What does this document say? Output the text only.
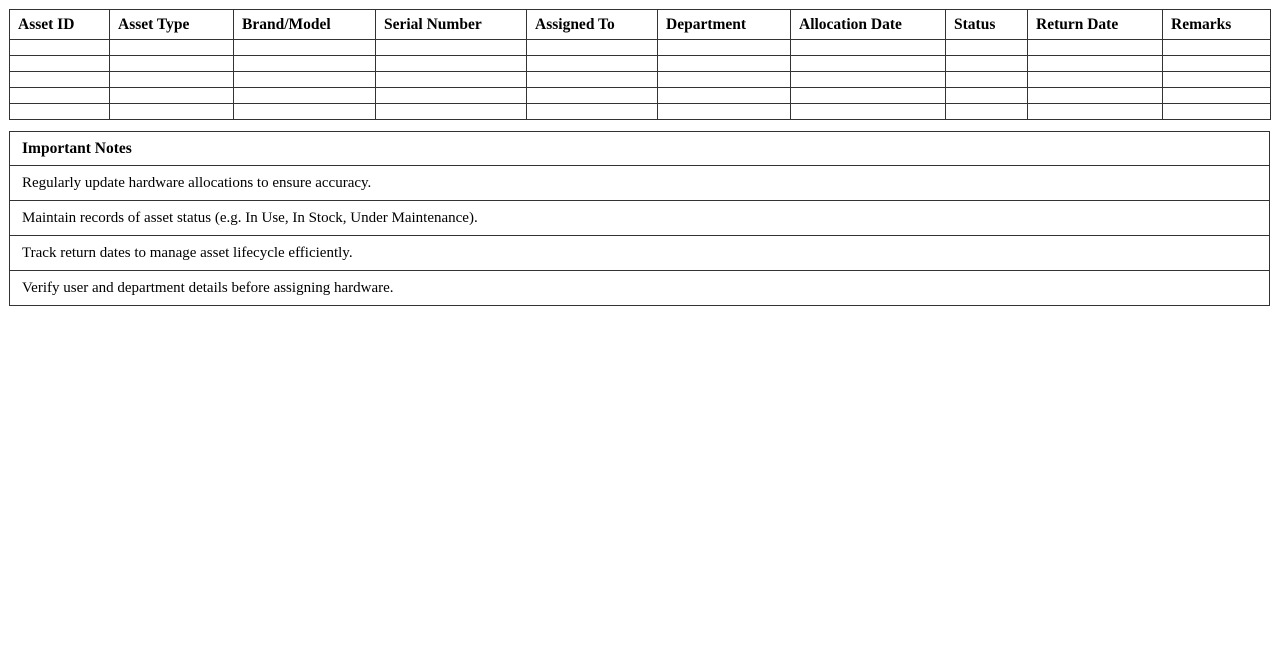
Asset ID	Asset Type	Brand/Model	Serial Number	Assigned To	Department	Allocation Date	Status	Return Date	Remarks

Important Notes
Regularly update hardware allocations to ensure accuracy.
Maintain records of asset status (e.g. In Use, In Stock, Under Maintenance).
Track return dates to manage asset lifecycle efficiently.
Verify user and department details before assigning hardware.
